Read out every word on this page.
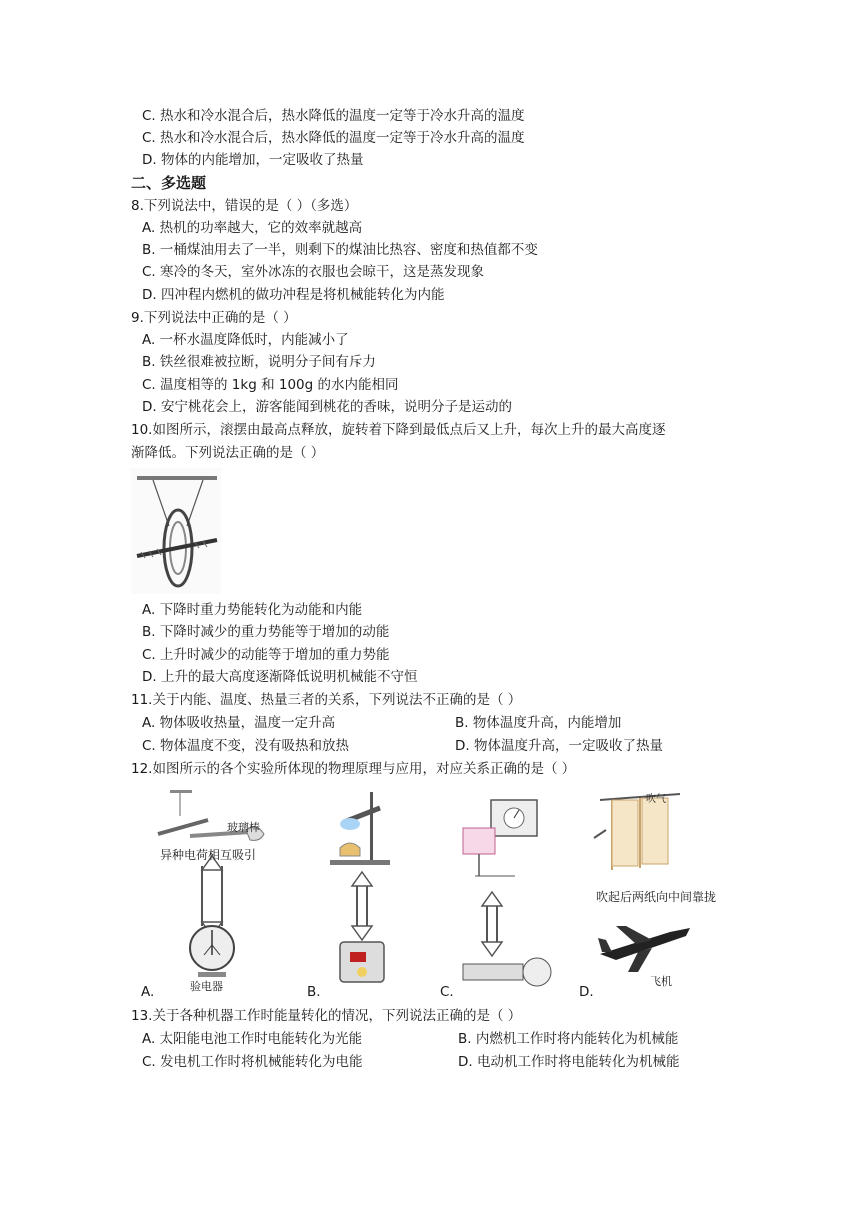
C. 热水和冷水混合后，热水降低的温度一定等于冷水升高的温度
C. 热水和冷水混合后，热水降低的温度一定等于冷水升高的温度
D. 物体的内能增加，一定吸收了热量
二、多选题
8.下列说法中，错误的是（ ）（多选）
A. 热机的功率越大，它的效率就越高
B. 一桶煤油用去了一半，则剩下的煤油比热容、密度和热值都不变
C. 寒冷的冬天，室外冰冻的衣服也会晾干，这是蒸发现象
D. 四冲程内燃机的做功冲程是将机械能转化为内能
9.下列说法中正确的是（ ）
A. 一杯水温度降低时，内能减小了
B. 铁丝很难被拉断，说明分子间有斥力
C. 温度相等的 1kg 和 100g 的水内能相同
D. 安宁桃花会上，游客能闻到桃花的香味，说明分子是运动的
10.如图所示，滚摆由最高点释放，旋转着下降到最低点后又上升，每次上升的最大高度逐
渐降低。下列说法正确的是（ ）
A. 下降时重力势能转化为动能和内能
B. 下降时减少的重力势能等于增加的动能
C. 上升时减少的动能等于增加的重力势能
D. 上升的最大高度逐渐降低说明机械能不守恒
11.关于内能、温度、热量三者的关系，下列说法不正确的是（ ）
A. 物体吸收热量，温度一定升高	B. 物体温度升高，内能增加
C. 物体温度不变，没有吸热和放热	D. 物体温度升高，一定吸收了热量
12.如图所示的各个实验所体现的物理原理与应用，对应关系正确的是（ ）
玻璃棒
异种电荷相互吸引
验电器
A.	B.	C.
吹气
吹起后两纸向中间靠拢
飞机
D.
13.关于各种机器工作时能量转化的情况，下列说法正确的是（ ）
A. 太阳能电池工作时电能转化为光能	B. 内燃机工作时将内能转化为机械能
C. 发电机工作时将机械能转化为电能	D. 电动机工作时将电能转化为机械能
